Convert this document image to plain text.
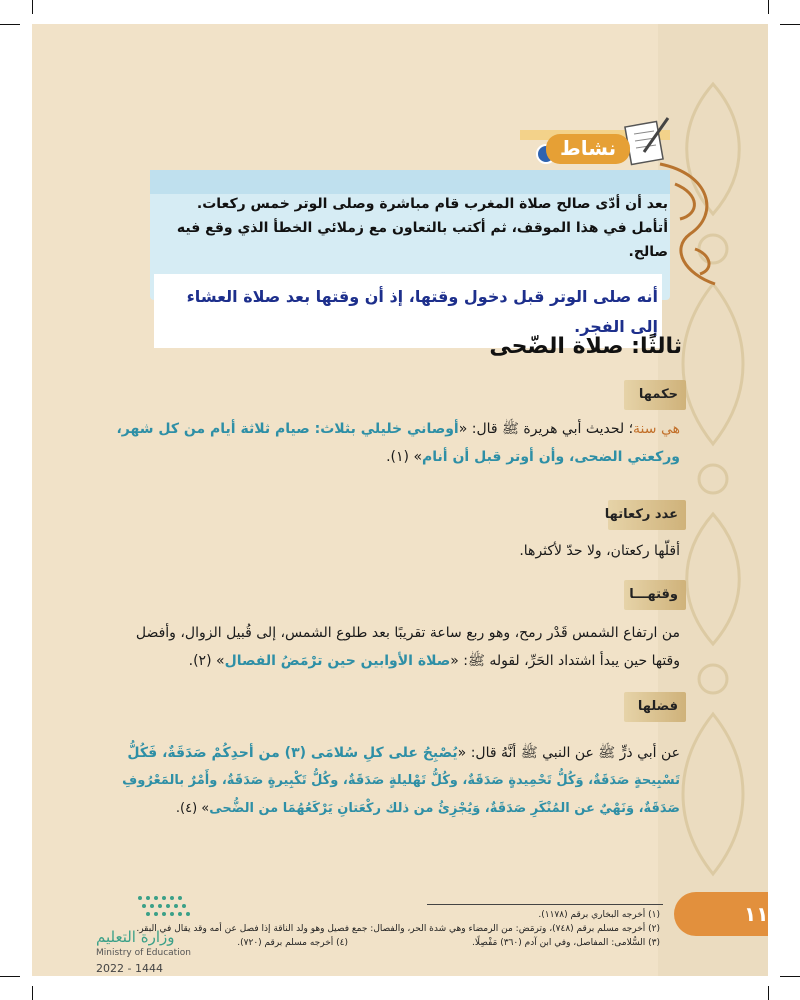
نشاط
بعد أن أدّى صالح صلاة المغرب قام مباشرة وصلى الوتر خمس ركعات.
أتأمل في هذا الموقف، ثم أكتب بالتعاون مع زملائي الخطأ الذي وقع فيه
صالح.
أنه صلى الوتر قبل دخول وقتها، إذ أن وقتها بعد صلاة العشاء
إلى الفجر.
ثالثًا: صلاة الضّحى
حكمها
هي سنة؛ لحديث أبي هريرة ﷺ قال: «أوصاني خليلي بثلاث: صيام ثلاثة أيام من كل شهر،
وركعتي الضحى، وأن أوتر قبل أن أنام» (١).
عدد ركعاتها
أقلّها ركعتان، ولا حدّ لأكثرها.
وقتهـــا
من ارتفاع الشمس قَدْر رمح، وهو ربع ساعة تقريبًا بعد طلوع الشمس، إلى قُبيل الزوال، وأفضل
وقتها حين يبدأ اشتداد الحَرِّ، لقوله ﷺ: «صلاة الأوابين حين ترْمَضُ الفصال» (٢).
فضلها
عن أبي ذرٍّ ﷺ عن النبي ﷺ أنَّهُ قال: «يُصْبِحُ على كلِ سُلامَى (٣) من أحدِكُمْ صَدَقَةٌ، فَكُلُّ
تَسْبِيحةٍ صَدَقَةٌ، وَكُلُّ تَحْمِيدةٍ صَدَقَةٌ، وكُلُّ تَهْليلةٍ صَدَقَةٌ، وكُلُّ تَكْبِيرةٍ صَدَقَةٌ، وأَمْرٌ بالمَعْرُوفِ
صَدَقَةٌ، وَنَهْيٌ عن المُنْكَرِ صَدَقَةٌ، وَيُجْزِئُ من ذلك ركْعَتانِ يَرْكَعُهُمَا من الضُّحى» (٤).
(١) أخرجه البخاري برقم (١١٧٨).
(٢) أخرجه مسلم برقم (٧٤٨)، وترمَض: من الرمضاء وهي شدة الحر، والفصال: جمع فصيل وهو ولد الناقة إذا فصل عن أمه وقد يقال في البقر.
(٣) السُّلامى: المفاصل، وفي ابن آدم (٣٦٠) مَفْصِلًا.
(٤) أخرجه مسلم برقم (٧٢٠).
١١٤
وزارة التعليم
Ministry of Education
2022 - 1444
